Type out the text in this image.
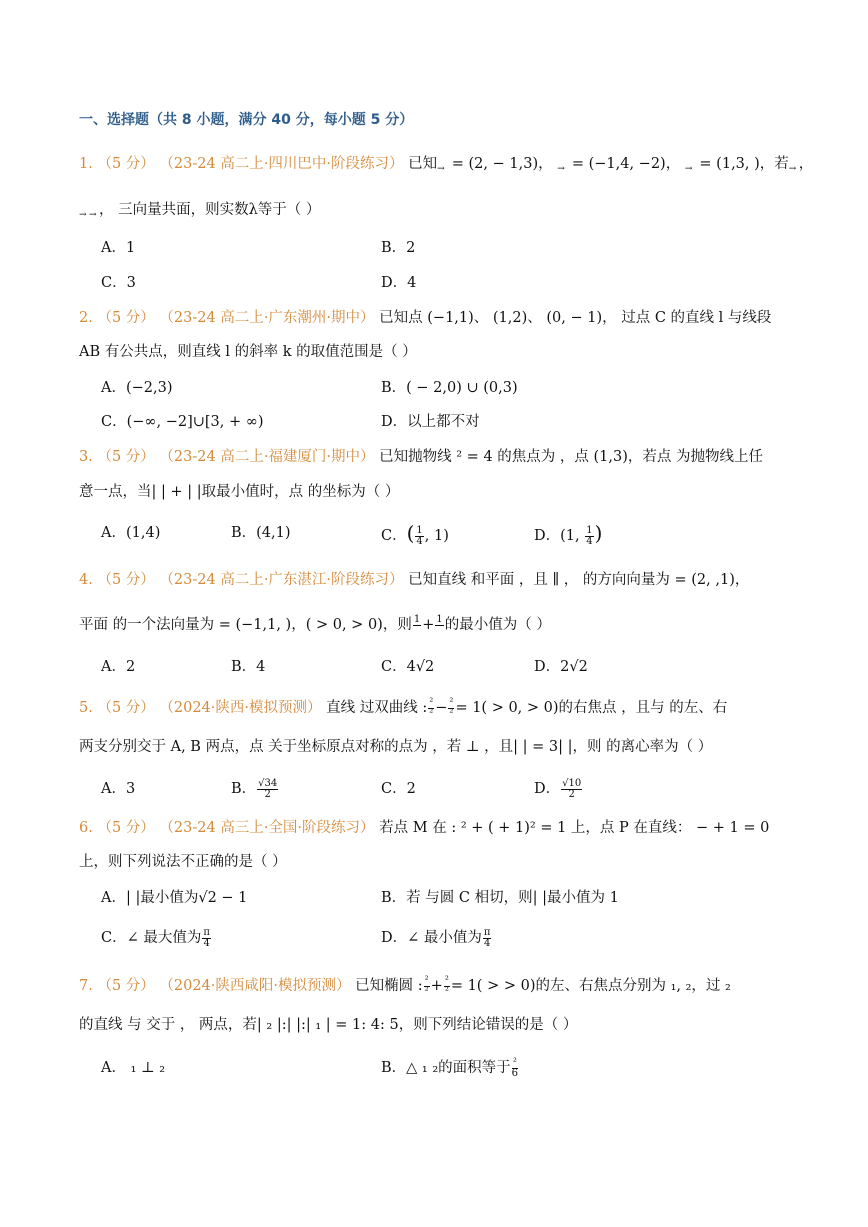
一、选择题（共 8 小题，满分 40 分，每小题 5 分）
1. （5 分） （23-24 高二上·四川巴中·阶段练习） 已知 = (2, − 1,3)，  = (−1,4, −2)，  = (1,3, )，若 ，
， 三向量共面，则实数λ等于（ ）
A．1	B．2
C．3	D．4
2. （5 分） （23-24 高二上·广东潮州·期中） 已知点 (−1,1)、 (1,2)、 (0, − 1)， 过点 C 的直线 l 与线段
AB 有公共点，则直线 l 的斜率 k 的取值范围是（ ）
A．(−2,3)	B．( − 2,0) ∪ (0,3)
C．(−∞, −2]∪[3, + ∞)	D．以上都不对
3. （5 分） （23-24 高二上·福建厦门·期中） 已知抛物线 ² = 4 的焦点为 ，点 (1,3)，若点 为抛物线上任
意一点，当| | + | |取最小值时，点 的坐标为（ ）
A．(1,4)	B．(4,1)	C．( $\frac{1}{4}$ , 1)	D．(1, $\frac{1}{4}$ )
4. （5 分） （23-24 高二上·广东湛江·阶段练习） 已知直线 和平面 ，且 ∥ ， 的方向向量为 = (2, ,1)，
平面 的一个法向量为 = (−1,1, )，( > 0, > 0)，则 1
+ 1
的最小值为（ ）
A．2	B．4	C．4√2	D．2√2
5. （5 分） （2024·陕西·模拟预测） 直线 过双曲线 : $\frac{\text{²}}{\text{²}} - \frac{\text{²}}{\text{²}} = 1( > 0$, > 0)的右焦点 ，且与 的左、右
两支分别交于 A, B 两点，点 关于坐标原点对称的点为 ，若 ⊥ ，且| | = 3| |，则 的离心率为（ ）
A．3	B． $\frac{√34}{2}$	C．2	D． $\frac{√10}{2}$
6. （5 分） （23-24 高三上·全国·阶段练习） 若点 M 在 : ² + ( + 1)² = 1 上，点 P 在直线： − + 1 = 0
上，则下列说法不正确的是（ ）
A．| |最小值为√2 − 1	B．若 与圆 C 相切，则| |最小值为 1
C．∠ 最大值为 $\frac{\pi}{4}$	D．∠ 最小值为 $\frac{\pi}{4}$
7. （5 分） （2024·陕西咸阳·模拟预测） 已知椭圆 : $\frac{\text{²}}{\text{²}} + \frac{\text{²}}{\text{²}} = 1$( > > 0)的左、右焦点分别为 ₁, ₂，过 ₂
的直线 与 交于 ， 两点，若| ₂ |:| |:| ₁ | = 1: 4: 5，则下列结论错误的是（ ）
A． ₁ ⊥ ₂	B．△ ₁ ₂的面积等于 $\frac{\text{²}}{6}$
